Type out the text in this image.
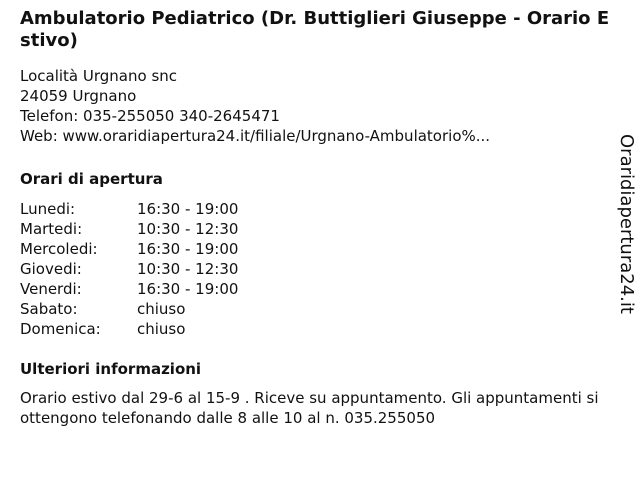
Ambulatorio Pediatrico (Dr. Buttiglieri Giuseppe - Orario Estivo)
Località Urgnano snc
24059 Urgnano
Telefon: 035-255050 340-2645471
Web: www.oraridiapertura24.it/filiale/Urgnano-Ambulatorio%...
Orari di apertura
Lunedi:	16:30 - 19:00
Martedi:	10:30 - 12:30
Mercoledi:	16:30 - 19:00
Giovedi:	10:30 - 12:30
Venerdi:	16:30 - 19:00
Sabato:	chiuso
Domenica:	chiuso
Ulteriori informazioni
Orario estivo dal 29-6 al 15-9 . Riceve su appuntamento. Gli appuntamenti si ottengono telefonando dalle 8 alle 10 al n. 035.255050
Oraridiapertura24.it
